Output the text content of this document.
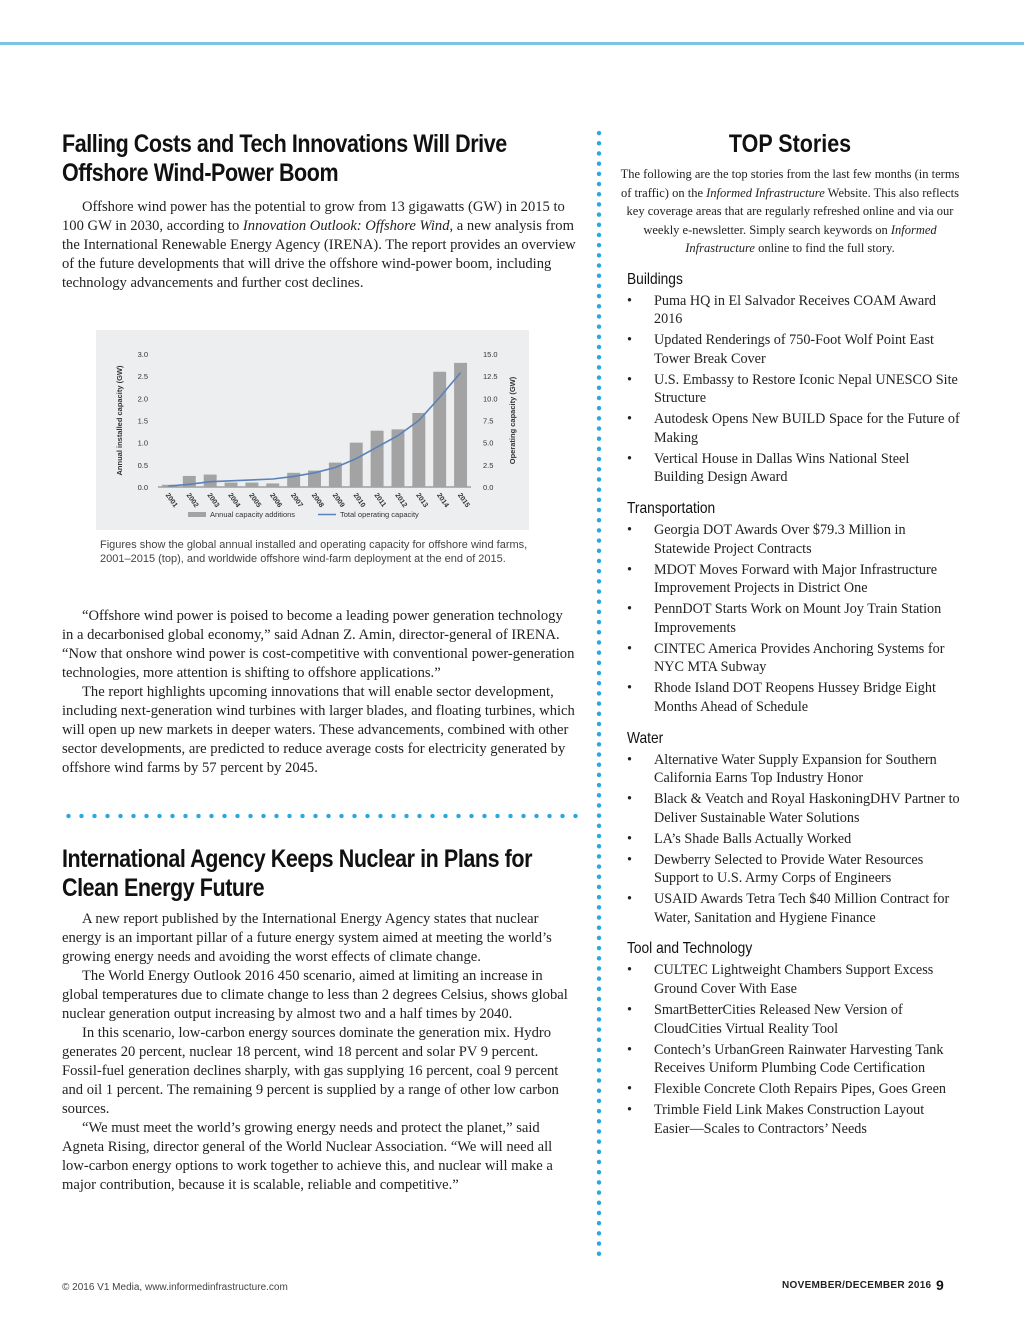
Falling Costs and Tech Innovations Will Drive Offshore Wind-Power Boom

Offshore wind power has the potential to grow from 13 gigawatts (GW) in 2015 to 100 GW in 2030, according to Innovation Outlook: Offshore Wind, a new analysis from the International Renewable Energy Agency (IRENA). The report provides an overview of the future developments that will drive the offshore wind-power boom, including technology advancements and further cost declines.

0.0
0.5
1.0
1.5
2.0
2.5
3.0
0.0
2.5
5.0
7.5
10.0
12.5
15.0
Annual installed capacity (GW)	Operating capacity (GW)
2001 2002 2003 2004 2005 2006 2007 2008 2009 2010 2011 2012 2013 2014 2015
Annual capacity additions	Total operating capacity
Figures show the global annual installed and operating capacity for offshore wind farms, 2001–2015 (top), and worldwide offshore wind-farm deployment at the end of 2015.

“Offshore wind power is poised to become a leading power generation technology in a decarbonised global economy,” said Adnan Z. Amin, director-general of IRENA. “Now that onshore wind power is cost-competitive with conventional power-generation technologies, more attention is shifting to offshore applications.”

The report highlights upcoming innovations that will enable sector development, including next-generation wind turbines with larger blades, and floating turbines, which will open up new markets in deeper waters. These advancements, combined with other sector developments, are predicted to reduce average costs for electricity generated by offshore wind farms by 57 percent by 2045.

International Agency Keeps Nuclear in Plans for Clean Energy Future

A new report published by the International Energy Agency states that nuclear energy is an important pillar of a future energy system aimed at meeting the world’s growing energy needs and avoiding the worst effects of climate change.

The World Energy Outlook 2016 450 scenario, aimed at limiting an increase in global temperatures due to climate change to less than 2 degrees Celsius, shows global nuclear generation output increasing by almost two and a half times by 2040.

In this scenario, low-carbon energy sources dominate the generation mix. Hydro generates 20 percent, nuclear 18 percent, wind 18 percent and solar PV 9 percent. Fossil-fuel generation declines sharply, with gas supplying 16 percent, coal 9 percent and oil 1 percent. The remaining 9 percent is supplied by a range of other low carbon sources.

“We must meet the world’s growing energy needs and protect the planet,” said Agneta Rising, director general of the World Nuclear Association. “We will need all low-carbon energy options to work together to achieve this, and nuclear will make a major contribution, because it is scalable, reliable and competitive.”

TOP Stories

The following are the top stories from the last few months (in terms of traffic) on the Informed Infrastructure Website. This also reflects key coverage areas that are regularly refreshed online and via our weekly e-newsletter. Simply search keywords on Informed Infrastructure online to find the full story.

Buildings
• Puma HQ in El Salvador Receives COAM Award 2016
• Updated Renderings of 750-Foot Wolf Point East Tower Break Cover
• U.S. Embassy to Restore Iconic Nepal UNESCO Site Structure
• Autodesk Opens New BUILD Space for the Future of Making
• Vertical House in Dallas Wins National Steel Building Design Award
Transportation
• Georgia DOT Awards Over $79.3 Million in Statewide Project Contracts
• MDOT Moves Forward with Major Infrastructure Improvement Projects in District One
• PennDOT Starts Work on Mount Joy Train Station Improvements
• CINTEC America Provides Anchoring Systems for NYC MTA Subway
• Rhode Island DOT Reopens Hussey Bridge Eight Months Ahead of Schedule
Water
• Alternative Water Supply Expansion for Southern California Earns Top Industry Honor
• Black & Veatch and Royal HaskoningDHV Partner to Deliver Sustainable Water Solutions
• LA’s Shade Balls Actually Worked
• Dewberry Selected to Provide Water Resources Support to U.S. Army Corps of Engineers
• USAID Awards Tetra Tech $40 Million Contract for Water, Sanitation and Hygiene Finance
Tool and Technology
• CULTEC Lightweight Chambers Support Excess Ground Cover With Ease
• SmartBetterCities Released New Version of CloudCities Virtual Reality Tool
• Contech’s UrbanGreen Rainwater Harvesting Tank Receives Uniform Plumbing Code Certification
• Flexible Concrete Cloth Repairs Pipes, Goes Green
• Trimble Field Link Makes Construction Layout Easier—Scales to Contractors’ Needs
© 2016 V1 Media, www.informedinfrastructure.com	NOVEMBER/DECEMBER 2016 9
